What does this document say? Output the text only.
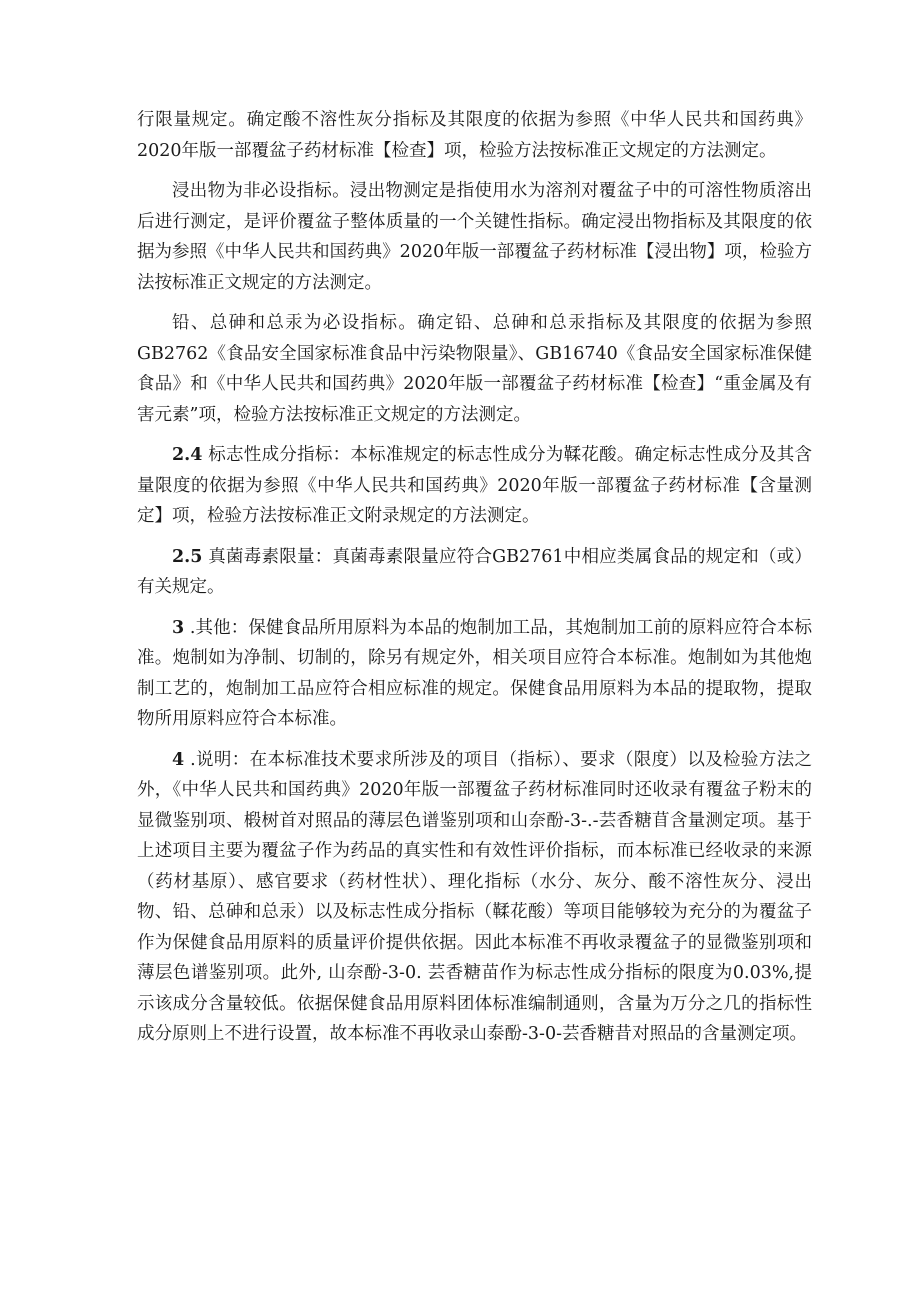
行限量规定。确定酸不溶性灰分指标及其限度的依据为参照《中华人民共和国药典》2020年版一部覆盆子药材标准【检查】项，检验方法按标准正文规定的方法测定。

浸出物为非必设指标。浸出物测定是指使用水为溶剂对覆盆子中的可溶性物质溶出后进行测定，是评价覆盆子整体质量的一个关键性指标。确定浸出物指标及其限度的依据为参照《中华人民共和国药典》2020年版一部覆盆子药材标准【浸出物】项，检验方法按标准正文规定的方法测定。

铅、总砷和总汞为必设指标。确定铅、总砷和总汞指标及其限度的依据为参照GB2762《食品安全国家标准食品中污染物限量》、GB16740《食品安全国家标准保健食品》和《中华人民共和国药典》2020年版一部覆盆子药材标准【检查】“重金属及有害元素”项，检验方法按标准正文规定的方法测定。

2.4 标志性成分指标：本标准规定的标志性成分为鞣花酸。确定标志性成分及其含量限度的依据为参照《中华人民共和国药典》2020年版一部覆盆子药材标准【含量测定】项，检验方法按标准正文附录规定的方法测定。

2.5 真菌毒素限量：真菌毒素限量应符合GB2761中相应类属食品的规定和（或）有关规定。

3 .其他：保健食品所用原料为本品的炮制加工品，其炮制加工前的原料应符合本标准。炮制如为净制、切制的，除另有规定外，相关项目应符合本标准。炮制如为其他炮制工艺的，炮制加工品应符合相应标准的规定。保健食品用原料为本品的提取物，提取物所用原料应符合本标准。

4 .说明：在本标准技术要求所涉及的项目（指标）、要求（限度）以及检验方法之外，《中华人民共和国药典》2020年版一部覆盆子药材标准同时还收录有覆盆子粉末的显微鉴别项、椴树首对照品的薄层色谱鉴别项和山奈酚-3-.-芸香糖苜含量测定项。基于上述项目主要为覆盆子作为药品的真实性和有效性评价指标，而本标准已经收录的来源（药材基原）、感官要求（药材性状）、理化指标（水分、灰分、酸不溶性灰分、浸出物、铅、总砷和总汞）以及标志性成分指标（鞣花酸）等项目能够较为充分的为覆盆子作为保健食品用原料的质量评价提供依据。因此本标准不再收录覆盆子的显微鉴别项和薄层色谱鉴别项。此外, 山奈酚-3-0. 芸香糖苗作为标志性成分指标的限度为0.03%,提示该成分含量较低。依据保健食品用原料团体标准编制通则，含量为万分之几的指标性成分原则上不进行设置，故本标准不再收录山泰酚-3-0-芸香糖昔对照品的含量测定项。
